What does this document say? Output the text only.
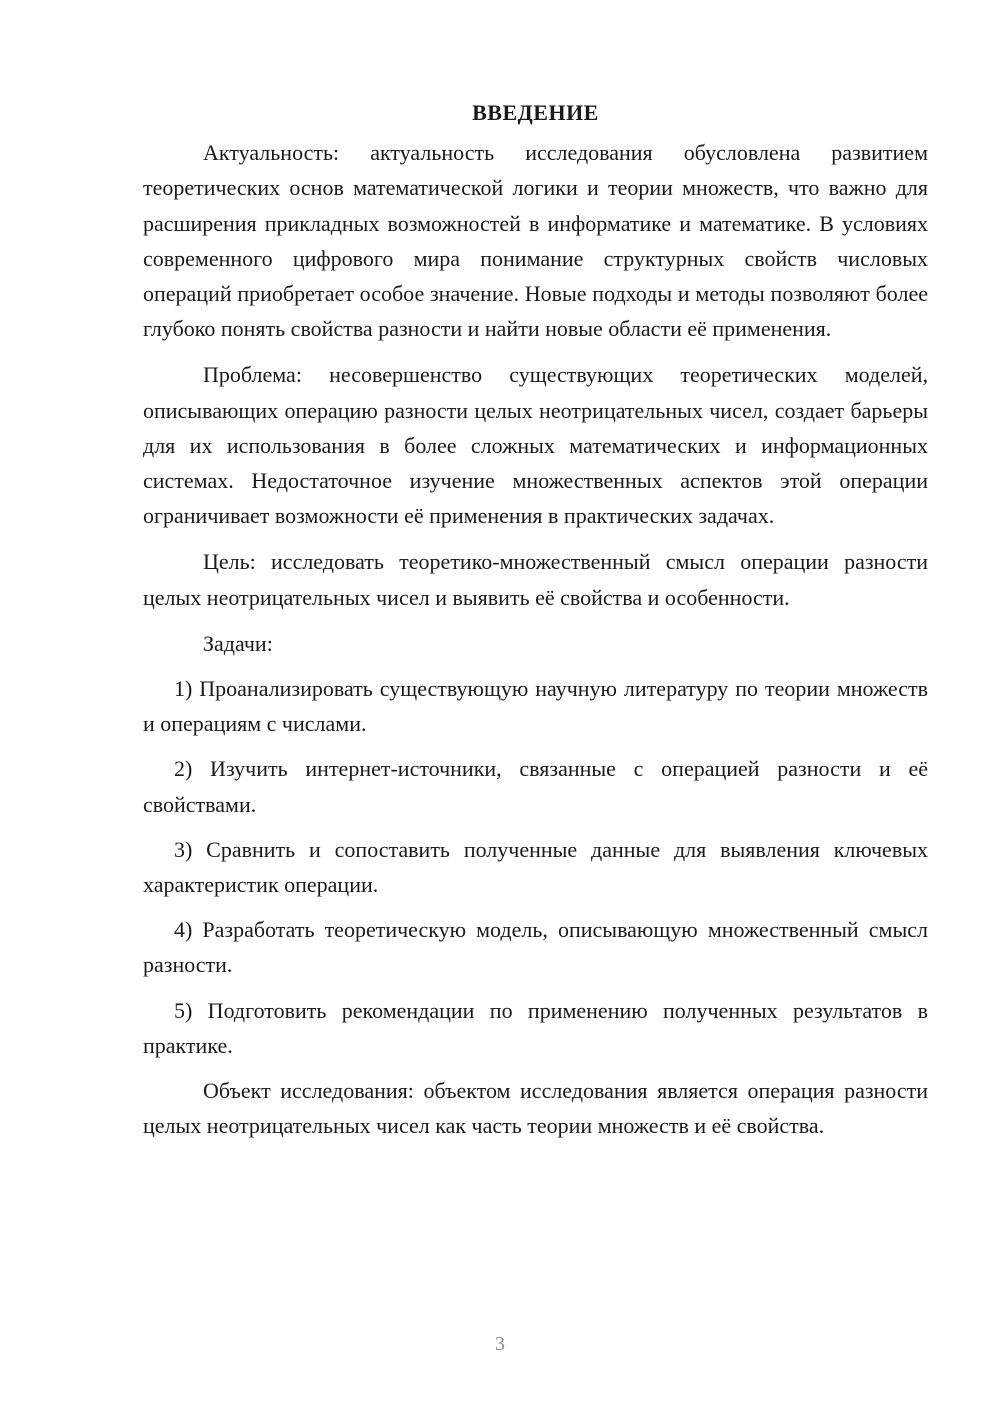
ВВЕДЕНИЕ

Актуальность: актуальность исследования обусловлена развитием теоретических основ математической логики и теории множеств, что важно для расширения прикладных возможностей в информатике и математике. В условиях современного цифрового мира понимание структурных свойств числовых операций приобретает особое значение. Новые подходы и методы позволяют более глубоко понять свойства разности и найти новые области её применения.

Проблема: несовершенство существующих теоретических моделей, описывающих операцию разности целых неотрицательных чисел, создает барьеры для их использования в более сложных математических и информационных системах. Недостаточное изучение множественных аспектов этой операции ограничивает возможности её применения в практических задачах.

Цель: исследовать теоретико-множественный смысл операции разности целых неотрицательных чисел и выявить её свойства и особенности.

Задачи:

1) Проанализировать существующую научную литературу по теории множеств и операциям с числами.

2) Изучить интернет-источники, связанные с операцией разности и её свойствами.

3) Сравнить и сопоставить полученные данные для выявления ключевых характеристик операции.

4) Разработать теоретическую модель, описывающую множественный смысл разности.

5) Подготовить рекомендации по применению полученных результатов в практике.

Объект исследования: объектом исследования является операция разности целых неотрицательных чисел как часть теории множеств и её свойства.

3
